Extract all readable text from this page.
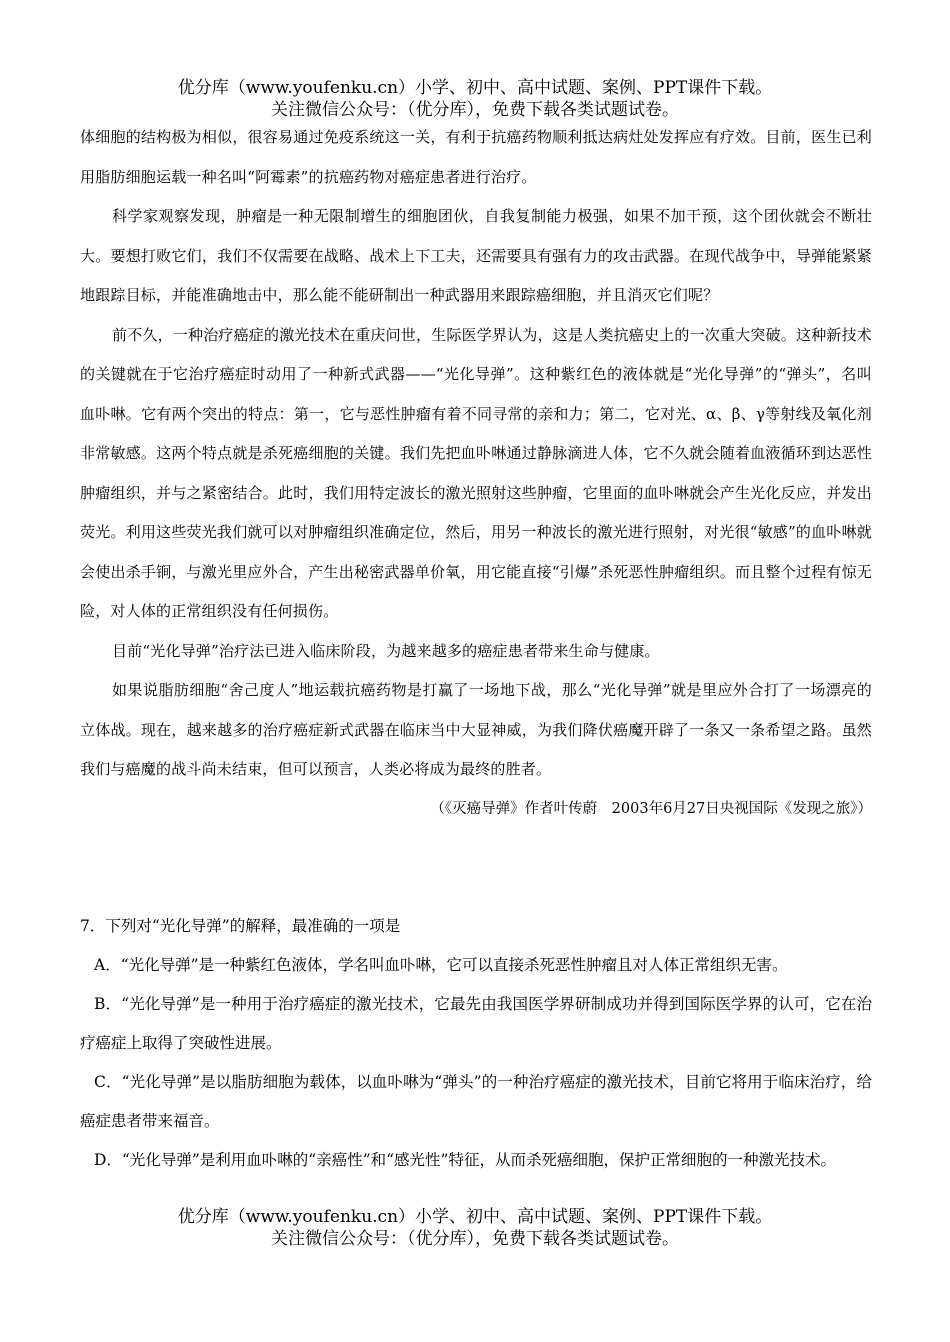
优分库（www.youfenku.cn）小学、初中、高中试题、案例、PPT课件下载。
关注微信公众号：（优分库），免费下载各类试题试卷。

体细胞的结构极为相似，很容易通过免疫系统这一关，有利于抗癌药物顺利抵达病灶处发挥应有疗效。目前，医生已利用脂肪细胞运载一种名叫“阿霉素”的抗癌药物对癌症患者进行治疗。

科学家观察发现，肿瘤是一种无限制增生的细胞团伙，自我复制能力极强，如果不加干预，这个团伙就会不断壮大。要想打败它们，我们不仅需要在战略、战术上下工夫，还需要具有强有力的攻击武器。在现代战争中，导弹能紧紧地跟踪目标，并能准确地击中，那么能不能研制出一种武器用来跟踪癌细胞，并且消灭它们呢？

前不久，一种治疗癌症的激光技术在重庆问世，生际医学界认为，这是人类抗癌史上的一次重大突破。这种新技术的关键就在于它治疗癌症时动用了一种新式武器——“光化导弹”。这种紫红色的液体就是“光化导弹”的“弹头”，名叫血卟啉。它有两个突出的特点：第一，它与恶性肿瘤有着不同寻常的亲和力；第二，它对光、α、β、γ等射线及氧化剂非常敏感。这两个特点就是杀死癌细胞的关键。我们先把血卟啉通过静脉滴进人体，它不久就会随着血液循环到达恶性肿瘤组织，并与之紧密结合。此时，我们用特定波长的激光照射这些肿瘤，它里面的血卟啉就会产生光化反应，并发出荧光。利用这些荧光我们就可以对肿瘤组织准确定位，然后，用另一种波长的激光进行照射，对光很“敏感”的血卟啉就会使出杀手锏，与激光里应外合，产生出秘密武器单价氧，用它能直接“引爆”杀死恶性肿瘤组织。而且整个过程有惊无险，对人体的正常组织没有任何损伤。

目前“光化导弹”治疗法已进入临床阶段，为越来越多的癌症患者带来生命与健康。

如果说脂肪细胞“舍己度人”地运载抗癌药物是打赢了一场地下战，那么“光化导弹”就是里应外合打了一场漂亮的立体战。现在，越来越多的治疗癌症新式武器在临床当中大显神威，为我们降伏癌魔开辟了一条又一条希望之路。虽然我们与癌魔的战斗尚未结束，但可以预言，人类必将成为最终的胜者。

（《灭癌导弹》作者叶传蔚　2003年6月27日央视国际《发现之旅》）

7．下列对“光化导弹”的解释，最准确的一项是

A．“光化导弹”是一种紫红色液体，学名叫血卟啉，它可以直接杀死恶性肿瘤且对人体正常组织无害。

B．“光化导弹”是一种用于治疗癌症的激光技术，它最先由我国医学界研制成功并得到国际医学界的认可，它在治疗癌症上取得了突破性进展。

C．“光化导弹”是以脂肪细胞为载体，以血卟啉为“弹头”的一种治疗癌症的激光技术，目前它将用于临床治疗，给癌症患者带来福音。

D．“光化导弹”是利用血卟啉的“亲癌性”和“感光性”特征，从而杀死癌细胞，保护正常细胞的一种激光技术。

优分库（www.youfenku.cn）小学、初中、高中试题、案例、PPT课件下载。
关注微信公众号：（优分库），免费下载各类试题试卷。
